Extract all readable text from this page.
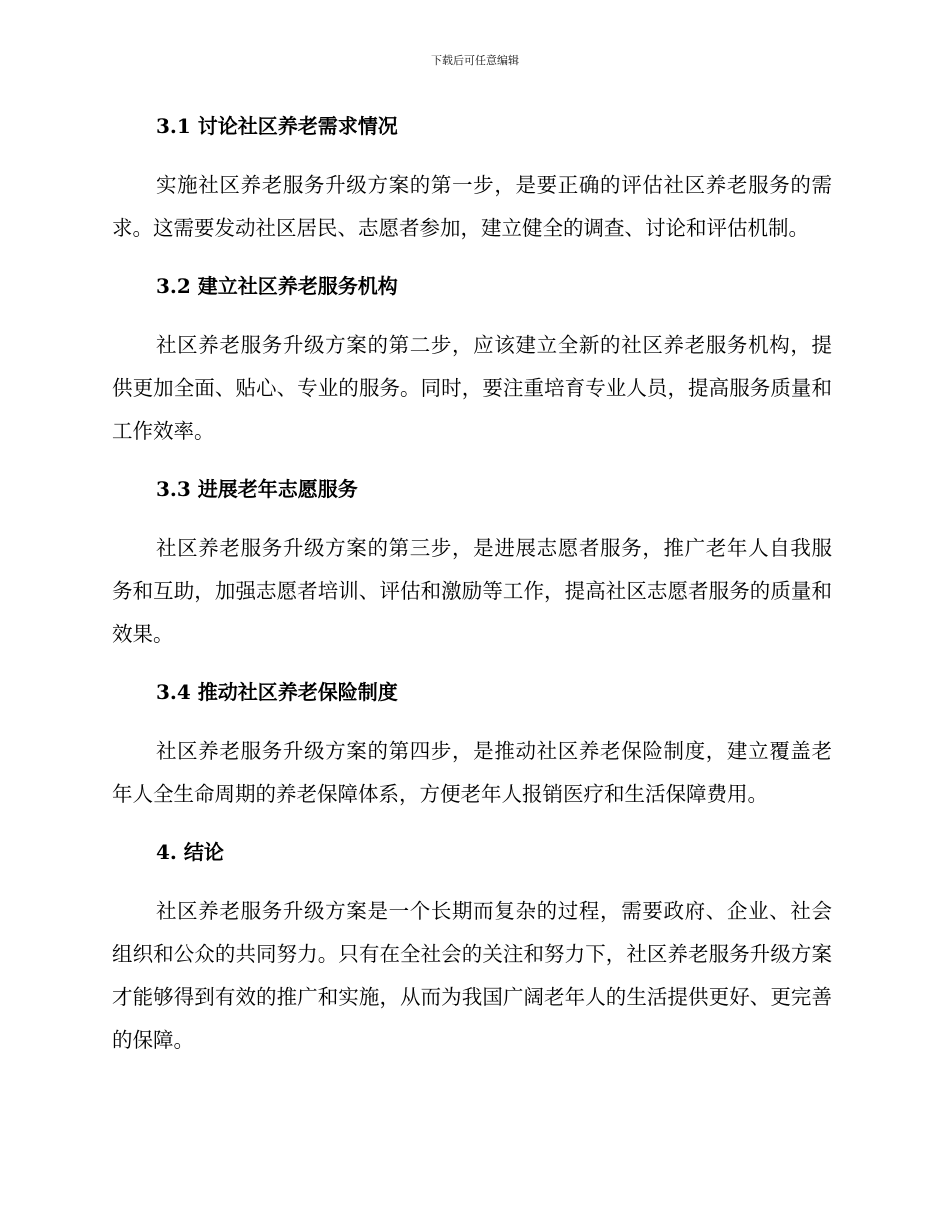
下载后可任意编辑
3.1 讨论社区养老需求情况

实施社区养老服务升级方案的第一步，是要正确的评估社区养老服务的需求。这需要发动社区居民、志愿者参加，建立健全的调查、讨论和评估机制。

3.2 建立社区养老服务机构

社区养老服务升级方案的第二步，应该建立全新的社区养老服务机构，提供更加全面、贴心、专业的服务。同时，要注重培育专业人员，提高服务质量和工作效率。

3.3 进展老年志愿服务

社区养老服务升级方案的第三步，是进展志愿者服务，推广老年人自我服务和互助，加强志愿者培训、评估和激励等工作，提高社区志愿者服务的质量和效果。

3.4 推动社区养老保险制度

社区养老服务升级方案的第四步，是推动社区养老保险制度，建立覆盖老年人全生命周期的养老保障体系，方便老年人报销医疗和生活保障费用。

4. 结论

社区养老服务升级方案是一个长期而复杂的过程，需要政府、企业、社会组织和公众的共同努力。只有在全社会的关注和努力下，社区养老服务升级方案才能够得到有效的推广和实施，从而为我国广阔老年人的生活提供更好、更完善的保障。
